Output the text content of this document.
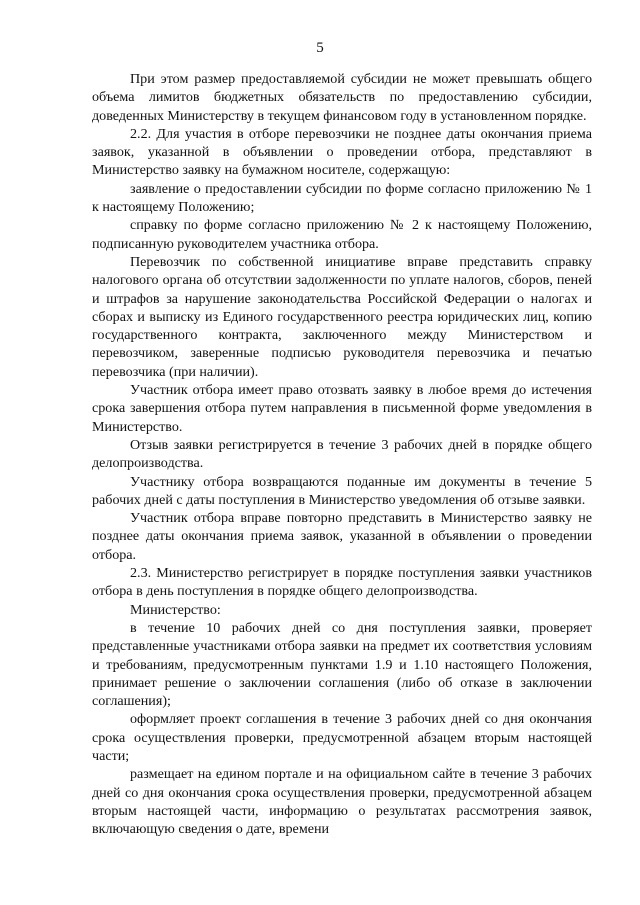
5

При этом размер предоставляемой субсидии не может превышать общего объема лимитов бюджетных обязательств по предоставлению субсидии, доведенных Министерству в текущем финансовом году в установленном порядке.

2.2. Для участия в отборе перевозчики не позднее даты окончания приема заявок, указанной в объявлении о проведении отбора, представляют в Министерство заявку на бумажном носителе, содержащую:

заявление о предоставлении субсидии по форме согласно приложению № 1 к настоящему Положению;

справку по форме согласно приложению № 2 к настоящему Положению, подписанную руководителем участника отбора.

Перевозчик по собственной инициативе вправе представить справку налогового органа об отсутствии задолженности по уплате налогов, сборов, пеней и штрафов за нарушение законодательства Российской Федерации о налогах и сборах и выписку из Единого государственного реестра юридических лиц, копию государственного контракта, заключенного между Министерством и перевозчиком, заверенные подписью руководителя перевозчика и печатью перевозчика (при наличии).

Участник отбора имеет право отозвать заявку в любое время до истечения срока завершения отбора путем направления в письменной форме уведомления в Министерство.

Отзыв заявки регистрируется в течение 3 рабочих дней в порядке общего делопроизводства.

Участнику отбора возвращаются поданные им документы в течение 5 рабочих дней с даты поступления в Министерство уведомления об отзыве заявки.

Участник отбора вправе повторно представить в Министерство заявку не позднее даты окончания приема заявок, указанной в объявлении о проведении отбора.

2.3. Министерство регистрирует в порядке поступления заявки участников отбора в день поступления в порядке общего делопроизводства.

Министерство:

в течение 10 рабочих дней со дня поступления заявки, проверяет представленные участниками отбора заявки на предмет их соответствия условиям и требованиям, предусмотренным пунктами 1.9 и 1.10 настоящего Положения, принимает решение о заключении соглашения (либо об отказе в заключении соглашения);

оформляет проект соглашения в течение 3 рабочих дней со дня окончания срока осуществления проверки, предусмотренной абзацем вторым настоящей части;

размещает на едином портале и на официальном сайте в течение 3 рабочих дней со дня окончания срока осуществления проверки, предусмотренной абзацем вторым настоящей части, информацию о результатах рассмотрения заявок, включающую сведения о дате, времени
